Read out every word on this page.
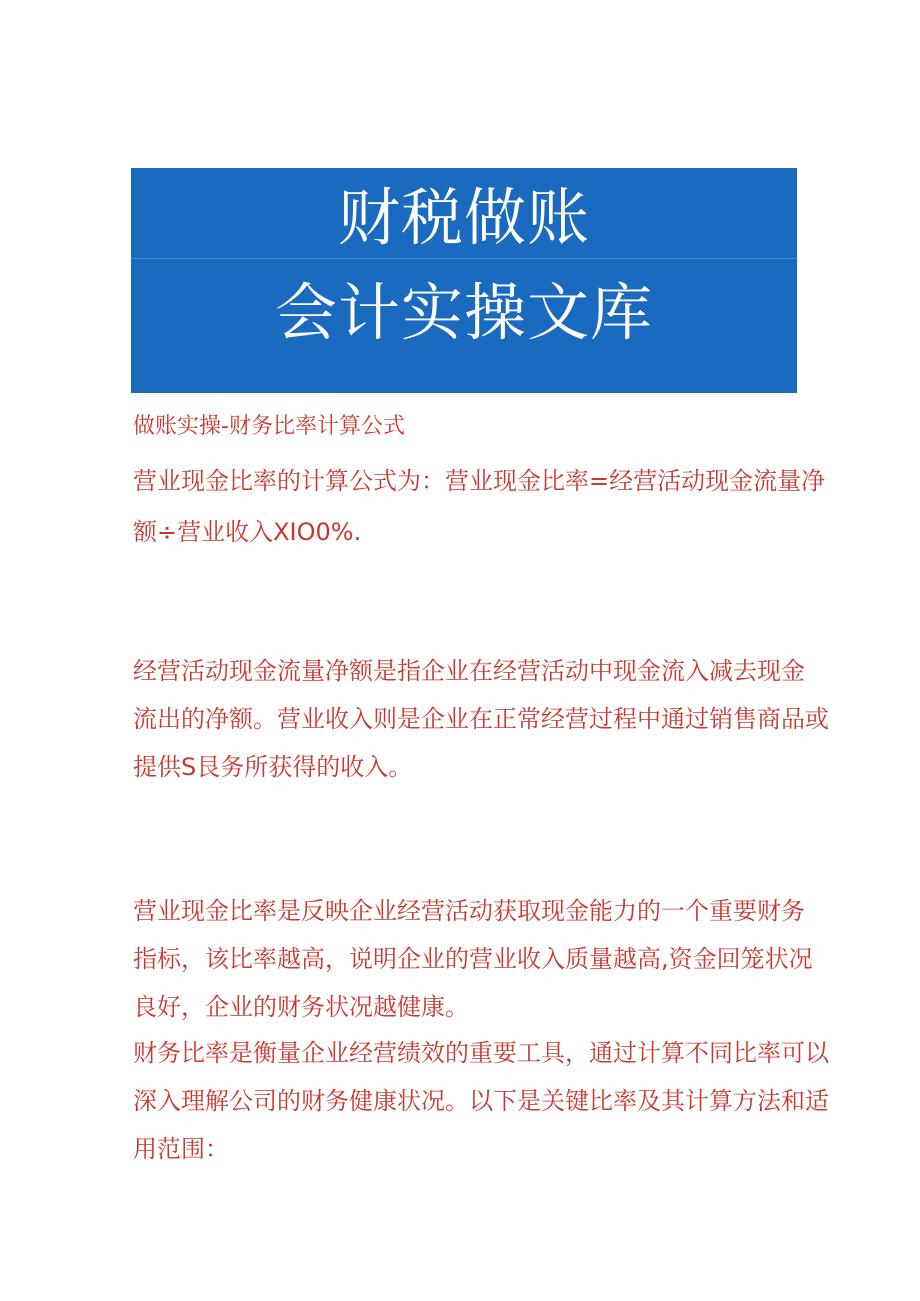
财税做账
会计实操文库

做账实操-财务比率计算公式

营业现金比率的计算公式为：营业现金比率=经营活动现金流量净
额÷营业收入XIO0%.

经营活动现金流量净额是指企业在经营活动中现金流入减去现金
流出的净额。营业收入则是企业在正常经营过程中通过销售商品或
提供S艮务所获得的收入。

营业现金比率是反映企业经营活动获取现金能力的一个重要财务
指标，该比率越高，说明企业的营业收入质量越高,资金回笼状况
良好，企业的财务状况越健康。

财务比率是衡量企业经营绩效的重要工具，通过计算不同比率可以
深入理解公司的财务健康状况。以下是关键比率及其计算方法和适
用范围：
